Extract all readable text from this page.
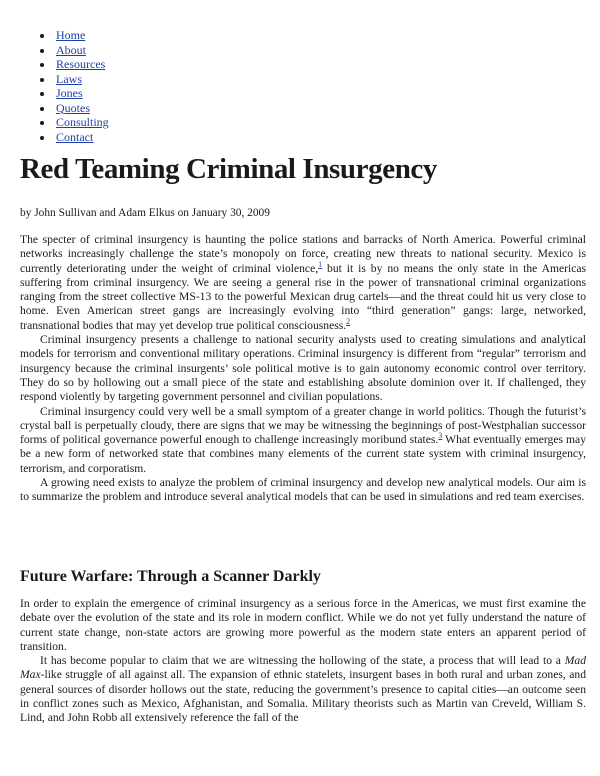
• Home
• About
• Resources
• Laws
• Jones
• Quotes
• Consulting
• Contact
Red Teaming Criminal Insurgency

by John Sullivan and Adam Elkus on January 30, 2009

The specter of criminal insurgency is haunting the police stations and barracks of North America. Powerful criminal networks increasingly challenge the state’s monopoly on force, creating new threats to national security. Mexico is currently deteriorating under the weight of criminal violence,$^1$ but it is by no means the only state in the Americas suffering from criminal insurgency. We are seeing a general rise in the power of transnational criminal organizations ranging from the street collective MS-13 to the powerful Mexican drug cartels—and the threat could hit us very close to home. Even American street gangs are increasingly evolving into “third generation” gangs: large, networked, transnational bodies that may yet develop true political consciousness.$^2$

Criminal insurgency presents a challenge to national security analysts used to creating simulations and analytical models for terrorism and conventional military operations. Criminal insurgency is different from “regular” terrorism and insurgency because the criminal insurgents’ sole political motive is to gain autonomy economic control over territory. They do so by hollowing out a small piece of the state and establishing absolute dominion over it. If challenged, they respond violently by targeting government personnel and civilian populations.

Criminal insurgency could very well be a small symptom of a greater change in world politics. Though the futurist’s crystal ball is perpetually cloudy, there are signs that we may be witnessing the beginnings of post-Westphalian successor forms of political governance powerful enough to challenge increasingly moribund states.$^3$ What eventually emerges may be a new form of networked state that combines many elements of the current state system with criminal insurgency, terrorism, and corporatism.

A growing need exists to analyze the problem of criminal insurgency and develop new analytical models. Our aim is to summarize the problem and introduce several analytical models that can be used in simulations and red team exercises.

Future Warfare: Through a Scanner Darkly

In order to explain the emergence of criminal insurgency as a serious force in the Americas, we must first examine the debate over the evolution of the state and its role in modern conflict. While we do not yet fully understand the nature of current state change, non-state actors are growing more powerful as the modern state enters an apparent period of transition.

It has become popular to claim that we are witnessing the hollowing of the state, a process that will lead to a Mad Max-like struggle of all against all. The expansion of ethnic statelets, insurgent bases in both rural and urban zones, and general sources of disorder hollows out the state, reducing the government’s presence to capital cities—an outcome seen in conflict zones such as Mexico, Afghanistan, and Somalia. Military theorists such as Martin van Creveld, William S. Lind, and John Robb all extensively reference the fall of the
